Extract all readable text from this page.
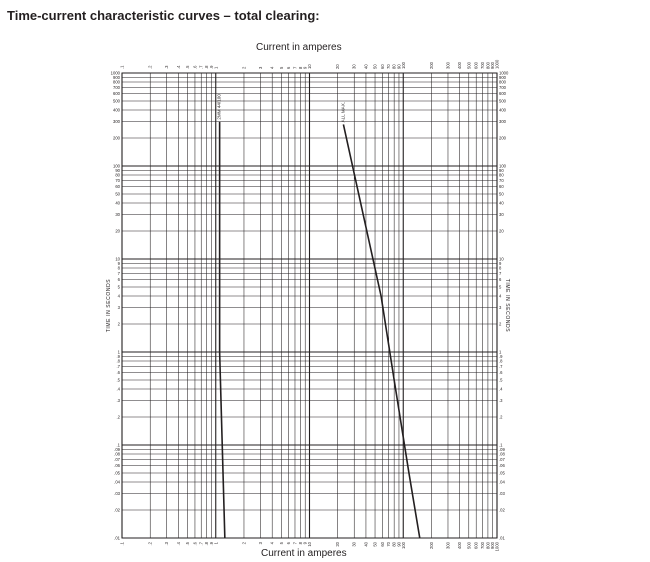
Time-current characteristic curves – total clearing:
Current in amperes
Current in amperes
2MM 44/100	ALL MAX.
.1
.1
.2
.2
.3
.3
.4
.4
.5
.5
.6
.6
.7
.7
.8
.8
.9
.9
1
1
2
2
3
3
4
4
5
5
6
6
7
7
8
8
9
9
10
10
20
20
30
30
40
40
50
50
60
60
70
70
80
80
90
90
100
100
200
200
300
300
400
400
500
500
600
600
700
700
800
800
900
900
1000
1000
.01	.01
.02	.02
.03	.03
.04	.04
.05	.05
.06	.06
.07	.07
.08	.08
.09	.09
.1	.1
.2	.2
.3	.3
.4	.4
.5	.5
.6	.6
.7	.7
.8	.8
.9	.9
1	1
2	2
3	3
4	4
5	5
6	6
7	7
8	8
9	9
10	10
20	20
30	30
40	40
50	50
60	60
70	70
80	80
90	90
100	100
200	200
300	300
400	400
500	500
600	600
700	700
800	800
900	900
1000	1000
TIME IN SECONDS	TIME IN SECONDS
